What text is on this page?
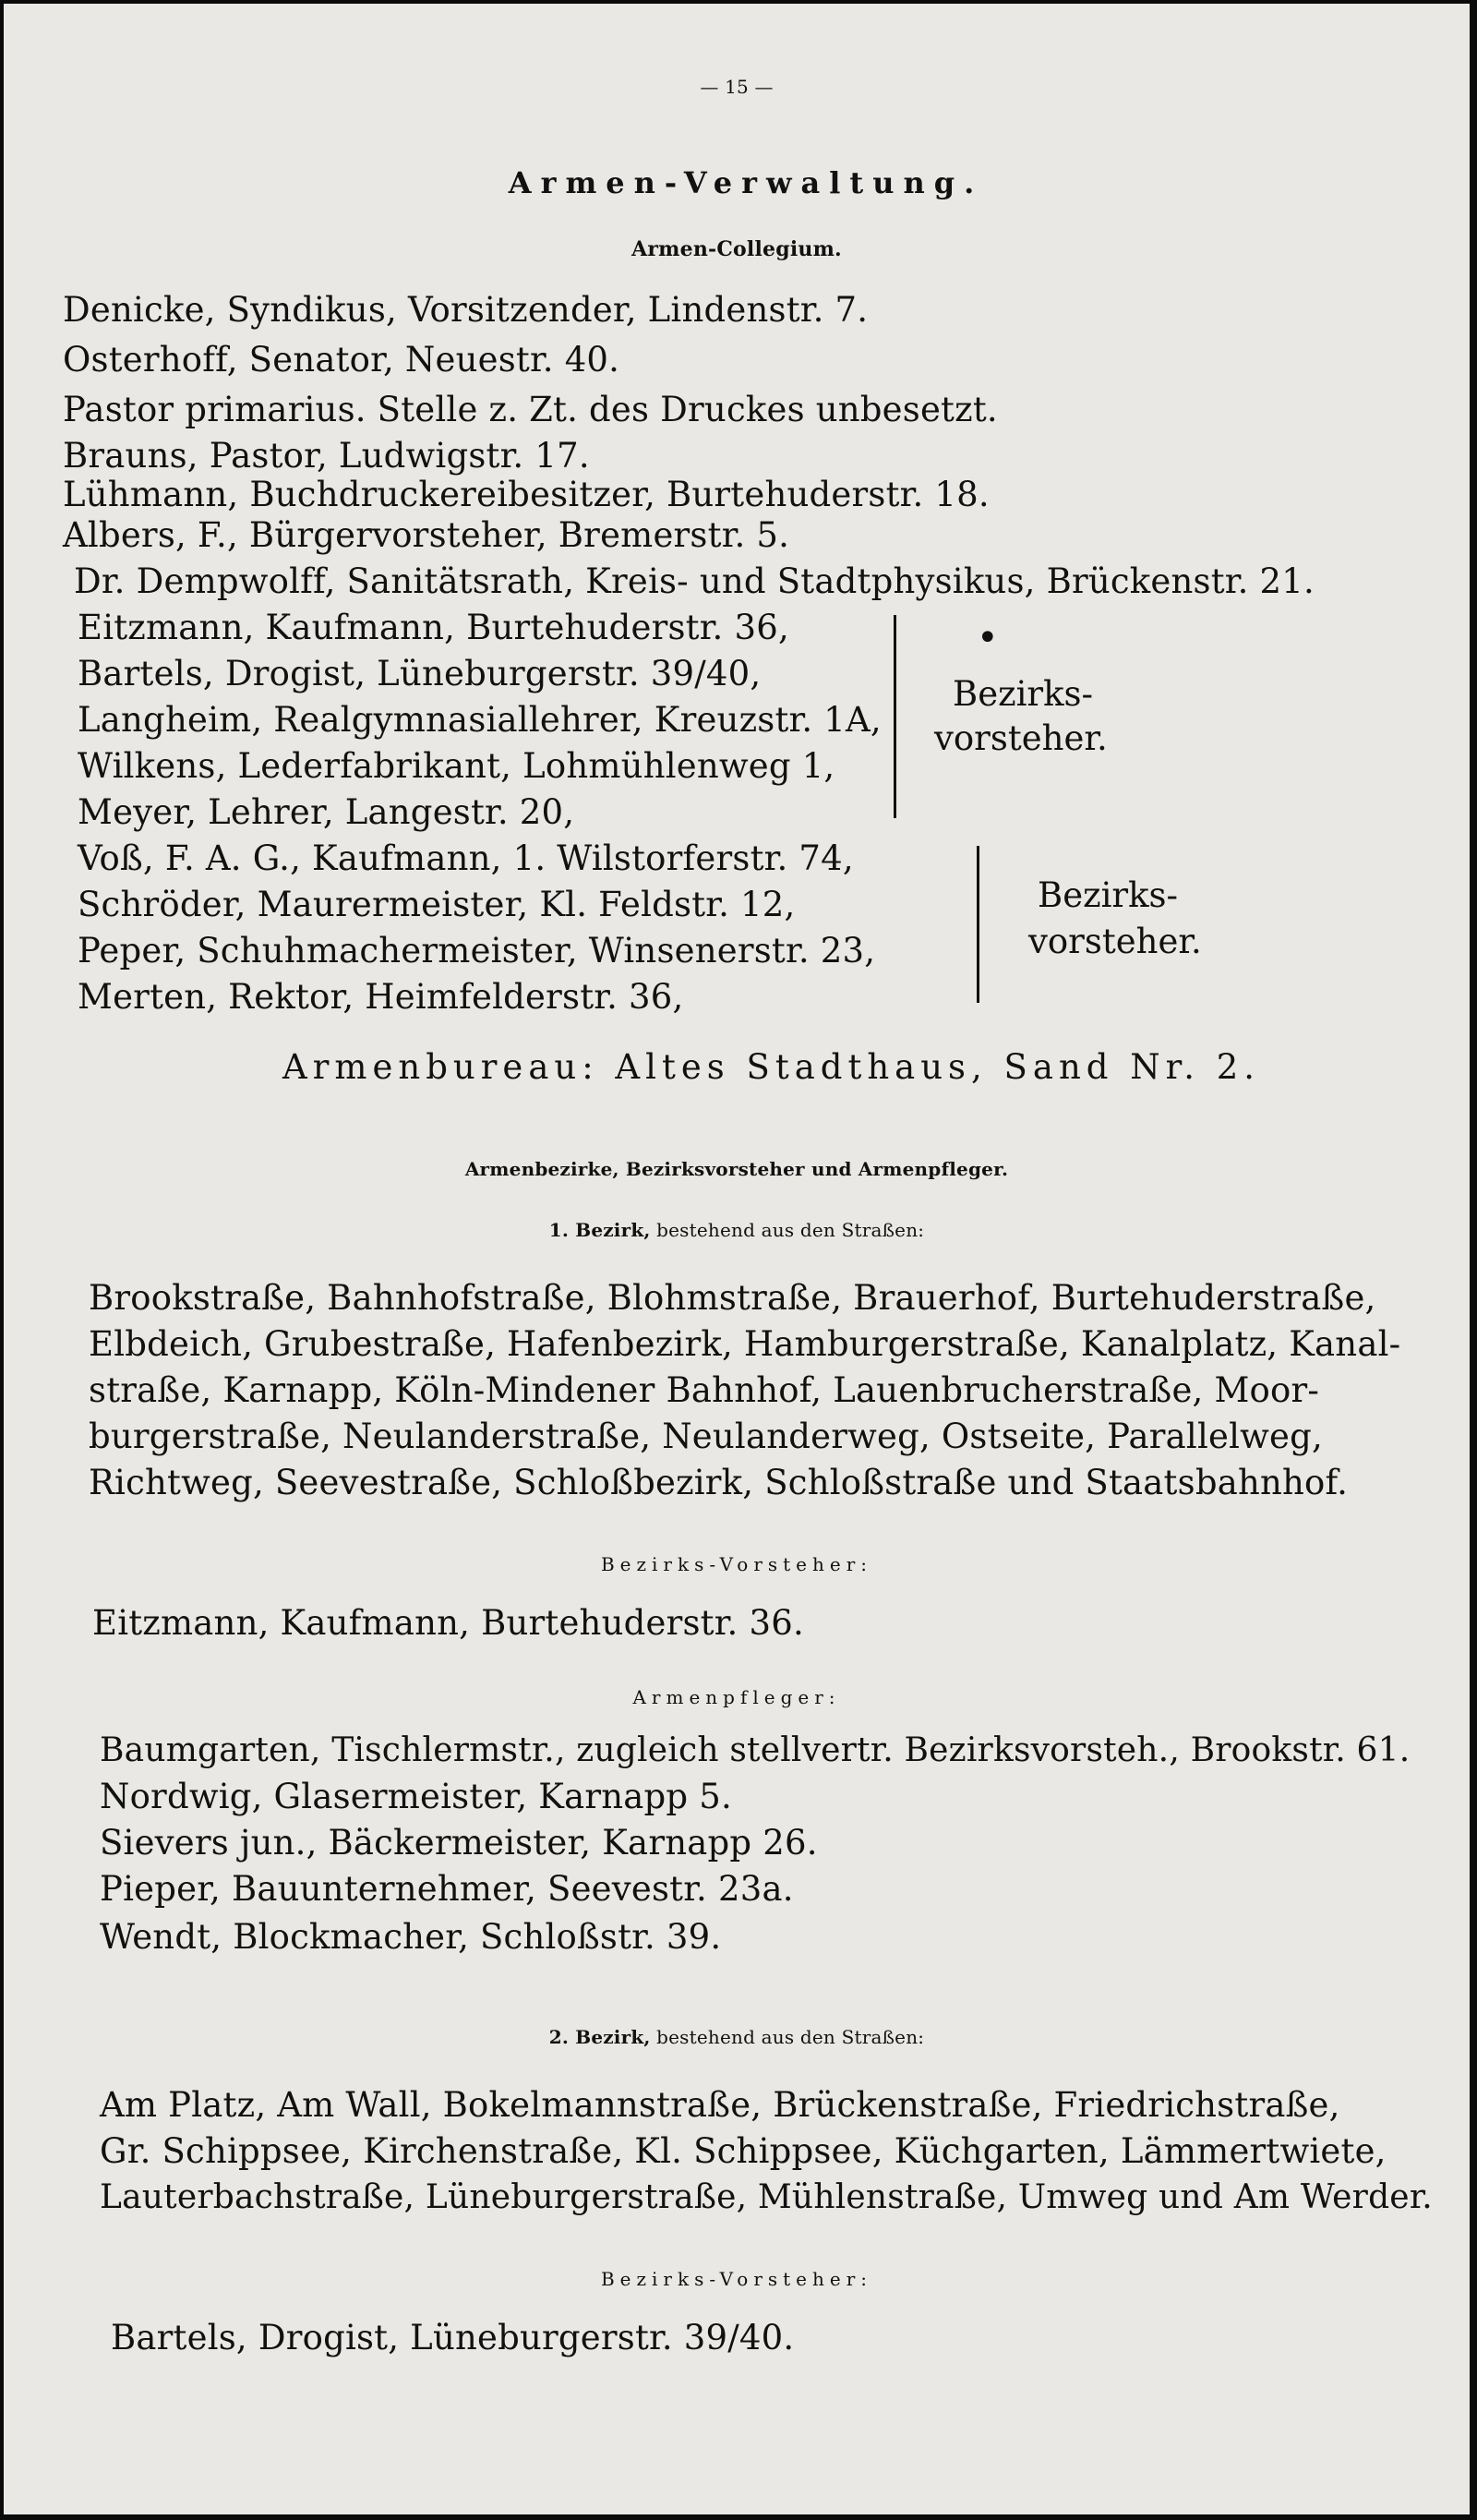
— 15 —
Armen-Verwaltung.
Armen-Collegium.
Denicke, Syndikus, Vorsitzender, Lindenstr. 7.
Osterhoff, Senator, Neuestr. 40.
Pastor primarius. Stelle z. Zt. des Druckes unbesetzt.
Brauns, Pastor, Ludwigstr. 17.
Lühmann, Buchdruckereibesitzer, Burtehuderstr. 18.
Albers, F., Bürgervorsteher, Bremerstr. 5.
Dr. Dempwolff, Sanitätsrath, Kreis- und Stadtphysikus, Brückenstr. 21.
Eitzmann, Kaufmann, Burtehuderstr. 36,
Bartels, Drogist, Lüneburgerstr. 39/40,
Langheim, Realgymnasiallehrer, Kreuzstr. 1A,
Wilkens, Lederfabrikant, Lohmühlenweg 1,
Meyer, Lehrer, Langestr. 20,
•
Bezirks-
vorsteher.
Voß, F. A. G., Kaufmann, 1. Wilstorferstr. 74,
Schröder, Maurermeister, Kl. Feldstr. 12,
Peper, Schuhmachermeister, Winsenerstr. 23,
Merten, Rektor, Heimfelderstr. 36,
Bezirks-
vorsteher.
Armenbureau: Altes Stadthaus, Sand Nr. 2.
Armenbezirke, Bezirksvorsteher und Armenpfleger.
1. Bezirk, bestehend aus den Straßen:
Brookstraße, Bahnhofstraße, Blohmstraße, Brauerhof, Burtehuderstraße,
Elbdeich, Grubestraße, Hafenbezirk, Hamburgerstraße, Kanalplatz, Kanal-
straße, Karnapp, Köln-Mindener Bahnhof, Lauenbrucherstraße, Moor-
burgerstraße, Neulanderstraße, Neulanderweg, Ostseite, Parallelweg,
Richtweg, Seevestraße, Schloßbezirk, Schloßstraße und Staatsbahnhof.
Bezirks-Vorsteher:
Eitzmann, Kaufmann, Burtehuderstr. 36.
Armenpfleger:
Baumgarten, Tischlermstr., zugleich stellvertr. Bezirksvorsteh., Brookstr. 61.
Nordwig, Glasermeister, Karnapp 5.
Sievers jun., Bäckermeister, Karnapp 26.
Pieper, Bauunternehmer, Seevestr. 23a.
Wendt, Blockmacher, Schloßstr. 39.
2. Bezirk, bestehend aus den Straßen:
Am Platz, Am Wall, Bokelmannstraße, Brückenstraße, Friedrichstraße,
Gr. Schippsee, Kirchenstraße, Kl. Schippsee, Küchgarten, Lämmertwiete,
Lauterbachstraße, Lüneburgerstraße, Mühlenstraße, Umweg und Am Werder.
Bezirks-Vorsteher:
Bartels, Drogist, Lüneburgerstr. 39/40.
